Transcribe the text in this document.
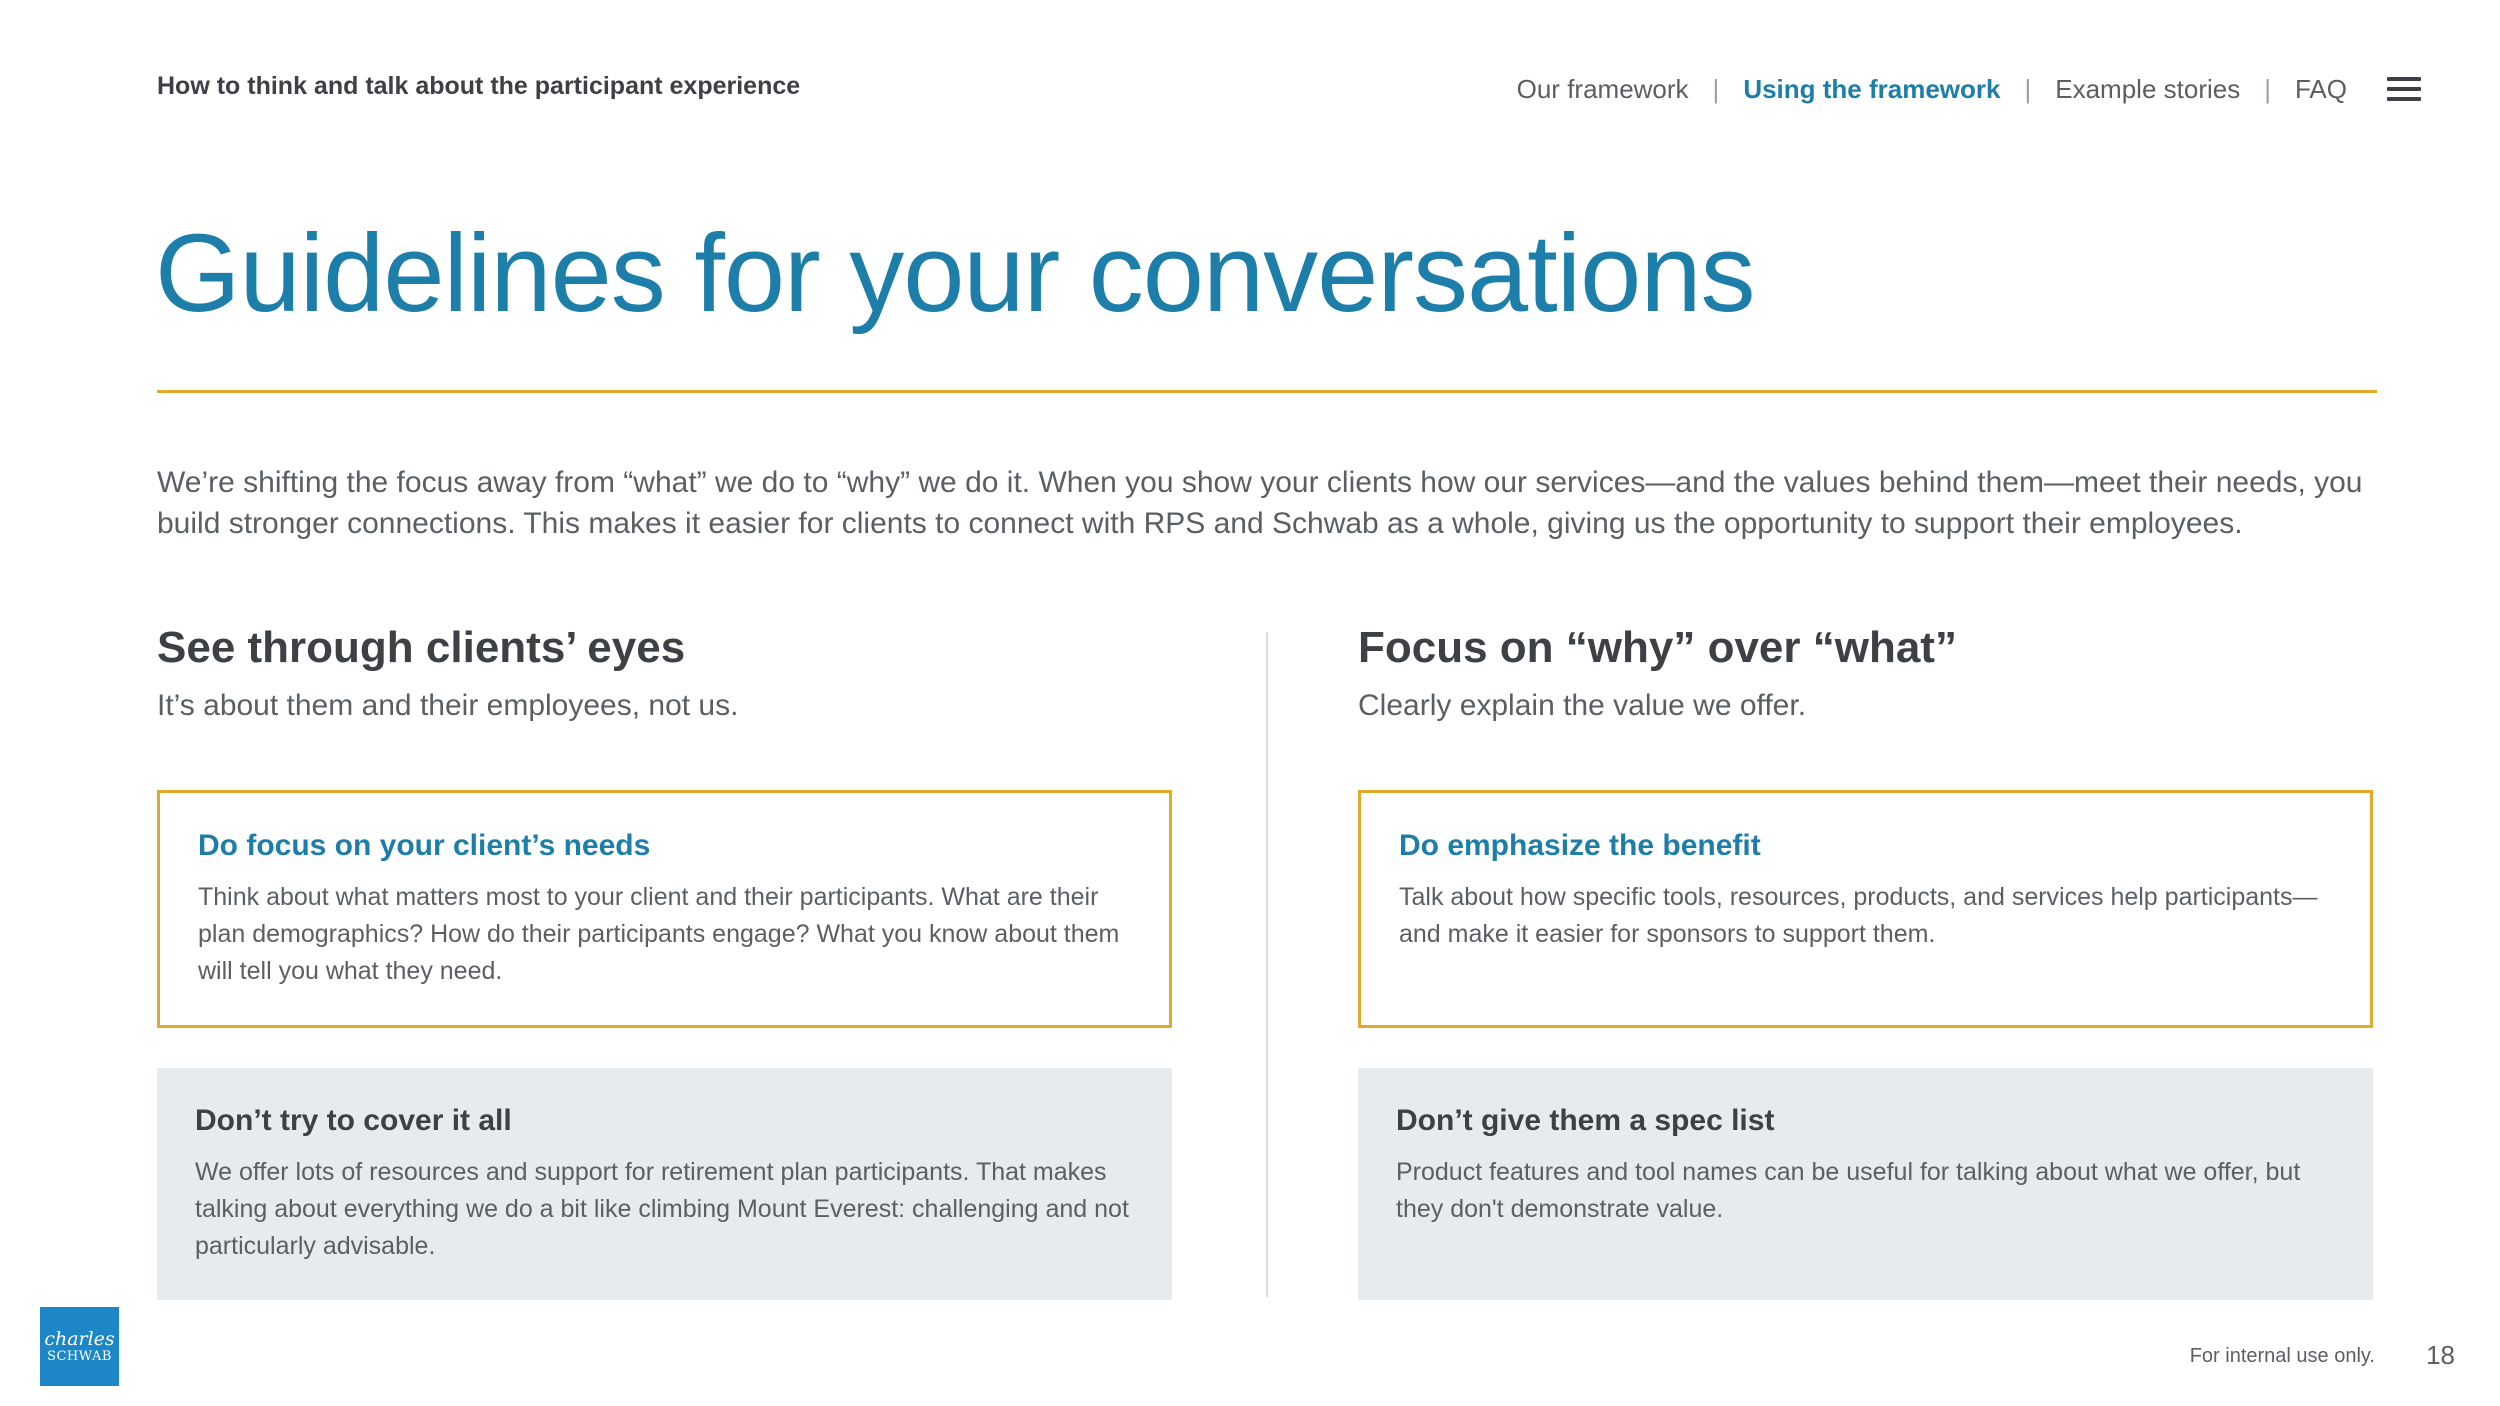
How to think and talk about the participant experience	Our framework | Using the framework | Example stories | FAQ
Guidelines for your conversations

We’re shifting the focus away from “what” we do to “why” we do it. When you show your clients how our services—and the values behind them—meet their needs, you build stronger connections. This makes it easier for clients to connect with RPS and Schwab as a whole, giving us the opportunity to support their employees.

See through clients’ eyes
It’s about them and their employees, not us.
Do focus on your client’s needs
Think about what matters most to your client and their participants. What are their plan demographics? How do their participants engage? What you know about them will tell you what they need.
Don’t try to cover it all
We offer lots of resources and support for retirement plan participants. That makes talking about everything we do a bit like climbing Mount Everest: challenging and not particularly advisable.
Focus on “why” over “what”
Clearly explain the value we offer.
Do emphasize the benefit
Talk about how specific tools, resources, products, and services help participants—and make it easier for sponsors to support them.
Don’t give them a spec list
Product features and tool names can be useful for talking about what we offer, but they don't demonstrate value.
charles
SCHWAB	For internal use only. 18
